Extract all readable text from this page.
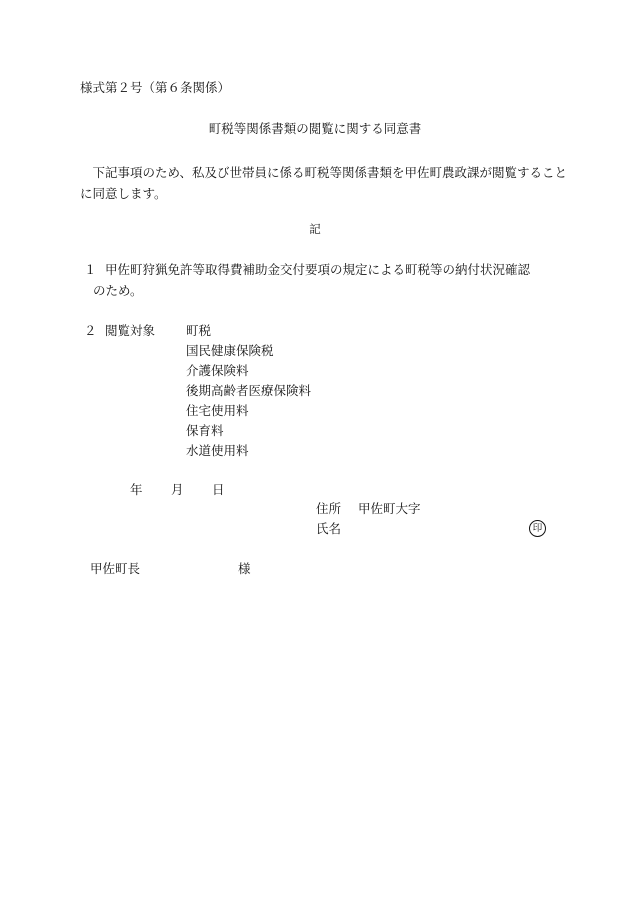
様式第２号（第６条関係）
町税等関係書類の閲覧に関する同意書
　下記事項のため、私及び世帯員に係る町税等関係書類を甲佐町農政課が閲覧することに同意します。
記
１ 甲佐町狩猟免許等取得費補助金交付要項の規定による町税等の納付状況確認
のため。
２ 閲覧対象 町税
国民健康保険税
介護保険料
後期高齢者医療保険料
住宅使用料
保育料
水道使用料
年 月 日
住所 甲佐町大字
氏名	印
甲佐町長	様
